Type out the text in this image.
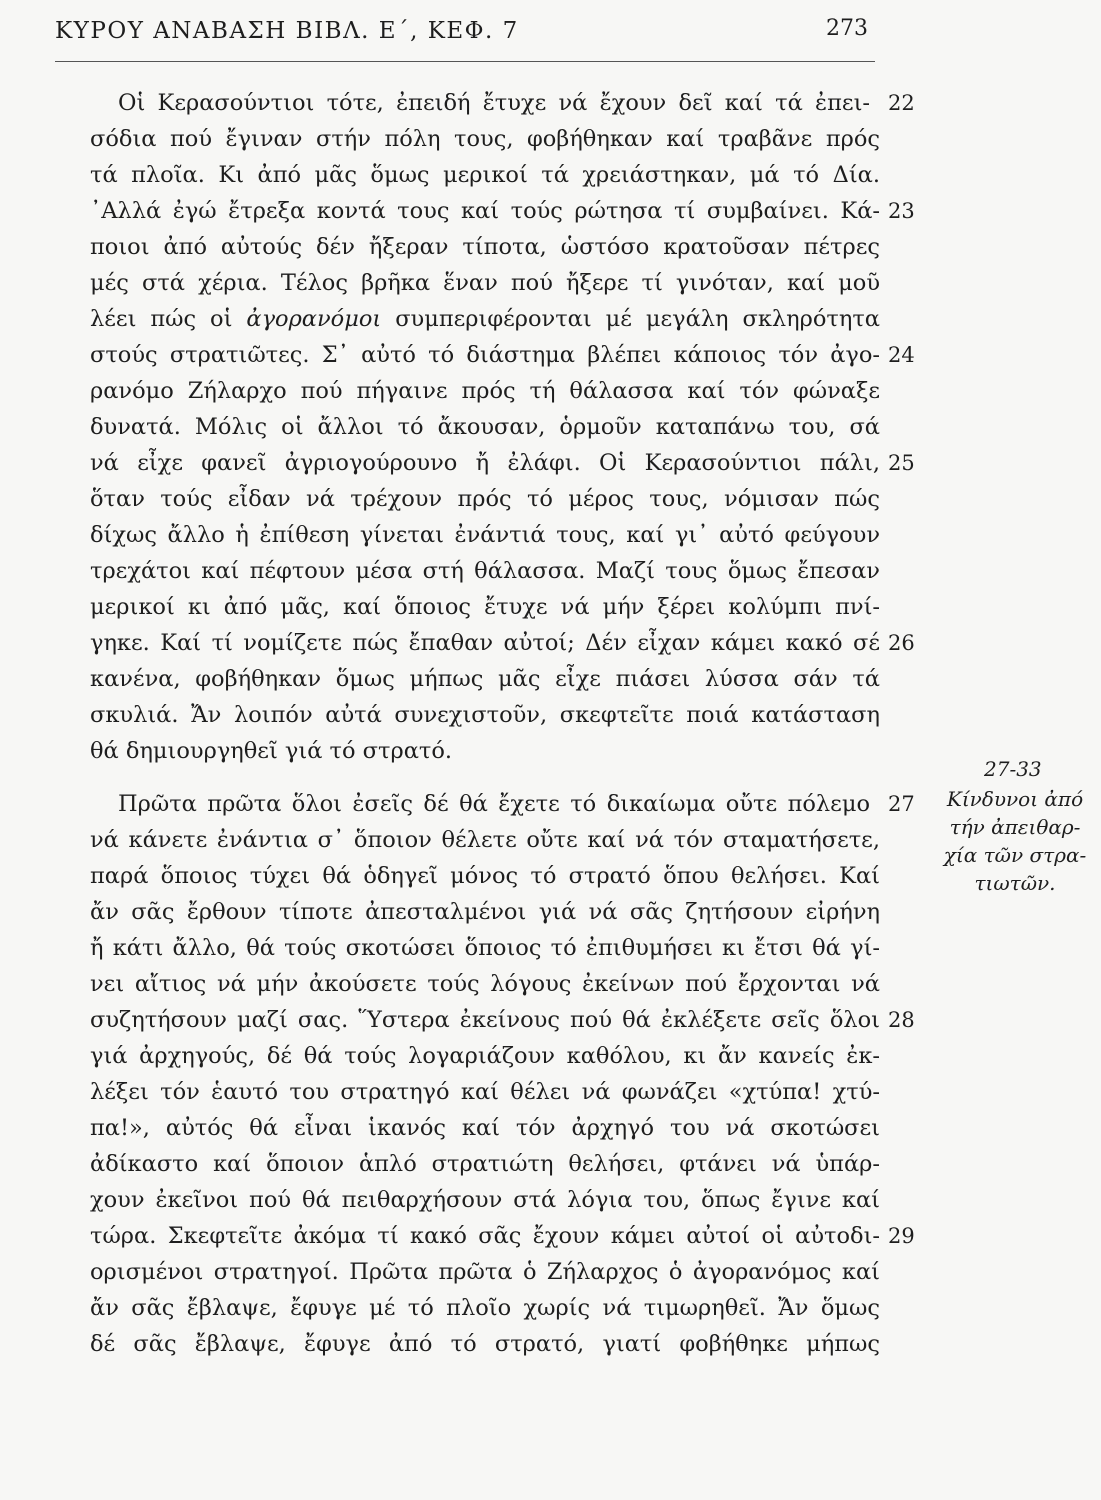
ΚΥΡΟΥ ΑΝΑΒΑΣΗ ΒΙΒΛ. Ε΄, ΚΕΦ. 7	273
Οἱ Κερασούντιοι τότε, ἐπειδή ἔτυχε νά ἔχουν δεῖ καί τά ἐπει-
σόδια πού ἔγιναν στήν πόλη τους, φοβήθηκαν καί τραβᾶνε πρός
τά πλοῖα. Κι ἀπό μᾶς ὅμως μερικοί τά χρειάστηκαν, μά τό Δία.
᾿Αλλά ἐγώ ἔτρεξα κοντά τους καί τούς ρώτησα τί συμβαίνει. Κά-
ποιοι ἀπό αὐτούς δέν ἤξεραν τίποτα, ὡστόσο κρατοῦσαν πέτρες
μές στά χέρια. Τέλος βρῆκα ἕναν πού ἤξερε τί γινόταν, καί μοῦ
λέει πώς οἱ ἀγορανόμοι συμπεριφέρονται μέ μεγάλη σκληρότητα
στούς στρατιῶτες. Σ᾿ αὐτό τό διάστημα βλέπει κάποιος τόν ἀγο-
ρανόμο Ζήλαρχο πού πήγαινε πρός τή θάλασσα καί τόν φώναξε
δυνατά. Μόλις οἱ ἄλλοι τό ἄκουσαν, ὁρμοῦν καταπάνω του, σά
νά εἶχε φανεῖ ἀγριογούρουνο ἤ ἐλάφι. Οἱ Κερασούντιοι πάλι,
ὅταν τούς εἶδαν νά τρέχουν πρός τό μέρος τους, νόμισαν πώς
δίχως ἄλλο ἡ ἐπίθεση γίνεται ἐνάντιά τους, καί γι᾿ αὐτό φεύγουν
τρεχάτοι καί πέφτουν μέσα στή θάλασσα. Μαζί τους ὅμως ἔπεσαν
μερικοί κι ἀπό μᾶς, καί ὅποιος ἔτυχε νά μήν ξέρει κολύμπι πνί-
γηκε. Καί τί νομίζετε πώς ἔπαθαν αὐτοί; Δέν εἶχαν κάμει κακό σέ
κανένα, φοβήθηκαν ὅμως μήπως μᾶς εἶχε πιάσει λύσσα σάν τά
σκυλιά. Ἄν λοιπόν αὐτά συνεχιστοῦν, σκεφτεῖτε ποιά κατάσταση
θά δημιουργηθεῖ γιά τό στρατό.
Πρῶτα πρῶτα ὅλοι ἐσεῖς δέ θά ἔχετε τό δικαίωμα οὔτε πόλεμο
νά κάνετε ἐνάντια σ᾿ ὅποιον θέλετε οὔτε καί νά τόν σταματήσετε,
παρά ὅποιος τύχει θά ὁδηγεῖ μόνος τό στρατό ὅπου θελήσει. Καί
ἄν σᾶς ἔρθουν τίποτε ἀπεσταλμένοι γιά νά σᾶς ζητήσουν εἰρήνη
ἤ κάτι ἄλλο, θά τούς σκοτώσει ὅποιος τό ἐπιθυμήσει κι ἔτσι θά γί-
νει αἴτιος νά μήν ἀκούσετε τούς λόγους ἐκείνων πού ἔρχονται νά
συζητήσουν μαζί σας. Ὕστερα ἐκείνους πού θά ἐκλέξετε σεῖς ὅλοι
γιά ἀρχηγούς, δέ θά τούς λογαριάζουν καθόλου, κι ἄν κανείς ἐκ-
λέξει τόν ἑαυτό του στρατηγό καί θέλει νά φωνάζει «χτύπα! χτύ-
πα!», αὐτός θά εἶναι ἱκανός καί τόν ἀρχηγό του νά σκοτώσει
ἀδίκαστο καί ὅποιον ἁπλό στρατιώτη θελήσει, φτάνει νά ὑπάρ-
χουν ἐκεῖνοι πού θά πειθαρχήσουν στά λόγια του, ὅπως ἔγινε καί
τώρα. Σκεφτεῖτε ἀκόμα τί κακό σᾶς ἔχουν κάμει αὐτοί οἱ αὐτοδι-
ορισμένοι στρατηγοί. Πρῶτα πρῶτα ὁ Ζήλαρχος ὁ ἀγορανόμος καί
ἄν σᾶς ἔβλαψε, ἔφυγε μέ τό πλοῖο χωρίς νά τιμωρηθεῖ. Ἄν ὅμως
δέ σᾶς ἔβλαψε, ἔφυγε ἀπό τό στρατό, γιατί φοβήθηκε μήπως
22
23
24
25
26
27
28
29
27-33
Κίνδυνοι ἀπό
τήν ἀπειθαρ-
χία τῶν στρα-
τιωτῶν.
